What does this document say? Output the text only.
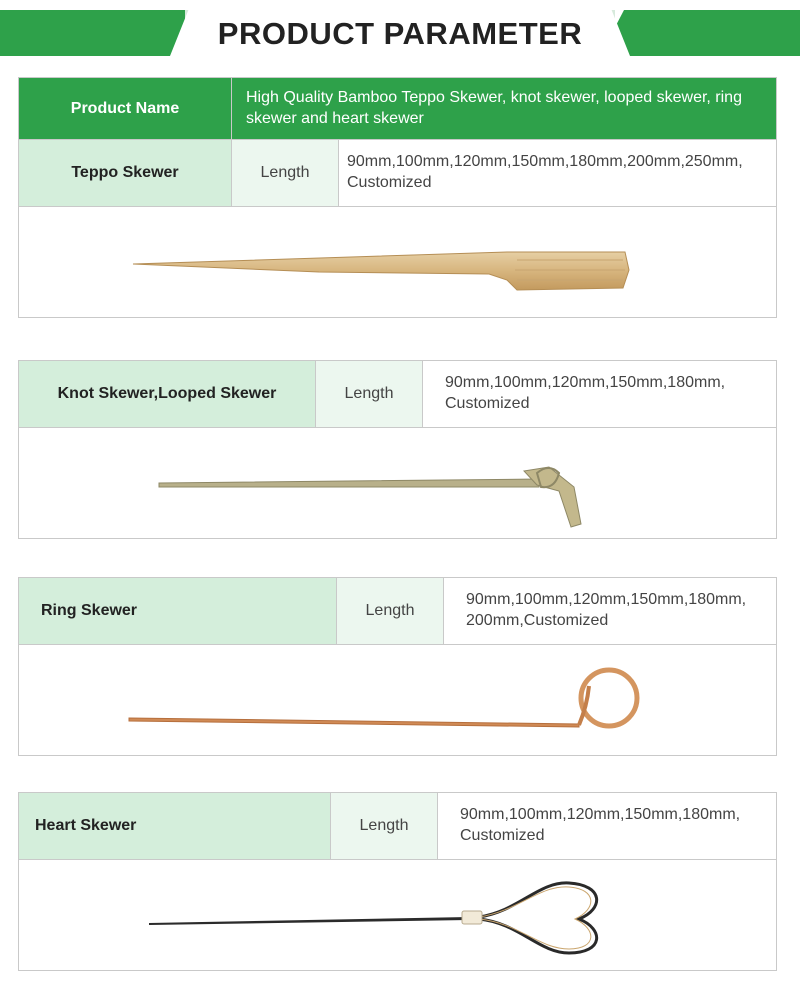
PRODUCT PARAMETER
Product Name	High Quality Bamboo Teppo Skewer, knot skewer, looped skewer, ring skewer and heart skewer	
Teppo Skewer	Length	90mm,100mm,120mm,150mm,180mm,200mm,250mm, Customized

Knot Skewer,Looped Skewer	Length	90mm,100mm,120mm,150mm,180mm, Customized

Ring Skewer	Length	90mm,100mm,120mm,150mm,180mm, 200mm,Customized

Heart Skewer	Length	90mm,100mm,120mm,150mm,180mm, Customized
